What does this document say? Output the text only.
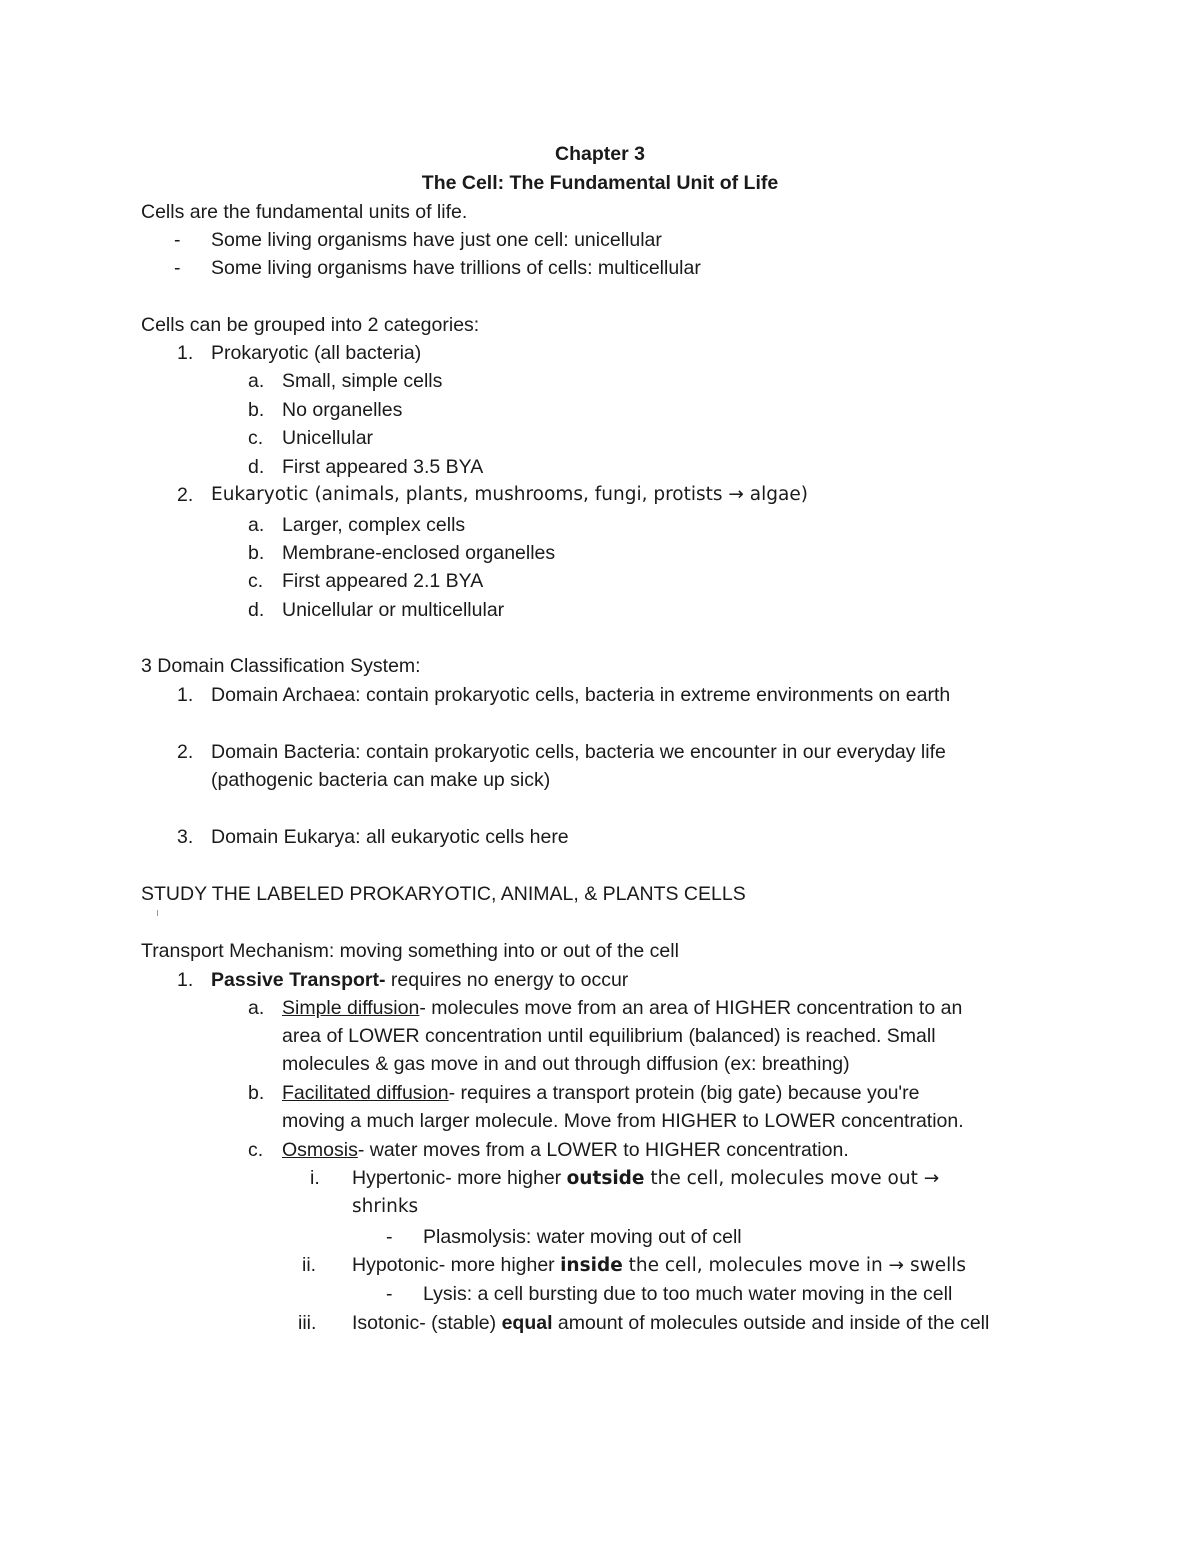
Chapter 3
The Cell: The Fundamental Unit of Life
Cells are the fundamental units of life.
- Some living organisms have just one cell: unicellular
- Some living organisms have trillions of cells: multicellular
Cells can be grouped into 2 categories:
1. Prokaryotic (all bacteria)
a. Small, simple cells
b. No organelles
c. Unicellular
d. First appeared 3.5 BYA
2. Eukaryotic (animals, plants, mushrooms, fungi, protists → algae)
a. Larger, complex cells
b. Membrane-enclosed organelles
c. First appeared 2.1 BYA
d. Unicellular or multicellular
3 Domain Classification System:
1. Domain Archaea: contain prokaryotic cells, bacteria in extreme environments on earth
2. Domain Bacteria: contain prokaryotic cells, bacteria we encounter in our everyday life
(pathogenic bacteria can make up sick)
3. Domain Eukarya: all eukaryotic cells here
STUDY THE LABELED PROKARYOTIC, ANIMAL, & PLANTS CELLS
Transport Mechanism: moving something into or out of the cell
1. Passive Transport- requires no energy to occur
a. Simple diffusion- molecules move from an area of HIGHER concentration to an
area of LOWER concentration until equilibrium (balanced) is reached. Small
molecules & gas move in and out through diffusion (ex: breathing)
b. Facilitated diffusion- requires a transport protein (big gate) because you're
moving a much larger molecule. Move from HIGHER to LOWER concentration.
c. Osmosis- water moves from a LOWER to HIGHER concentration.
i. Hypertonic- more higher outside the cell, molecules move out →
shrinks
- Plasmolysis: water moving out of cell
ii. Hypotonic- more higher inside the cell, molecules move in → swells
- Lysis: a cell bursting due to too much water moving in the cell
iii. Isotonic- (stable) equal amount of molecules outside and inside of the cell
